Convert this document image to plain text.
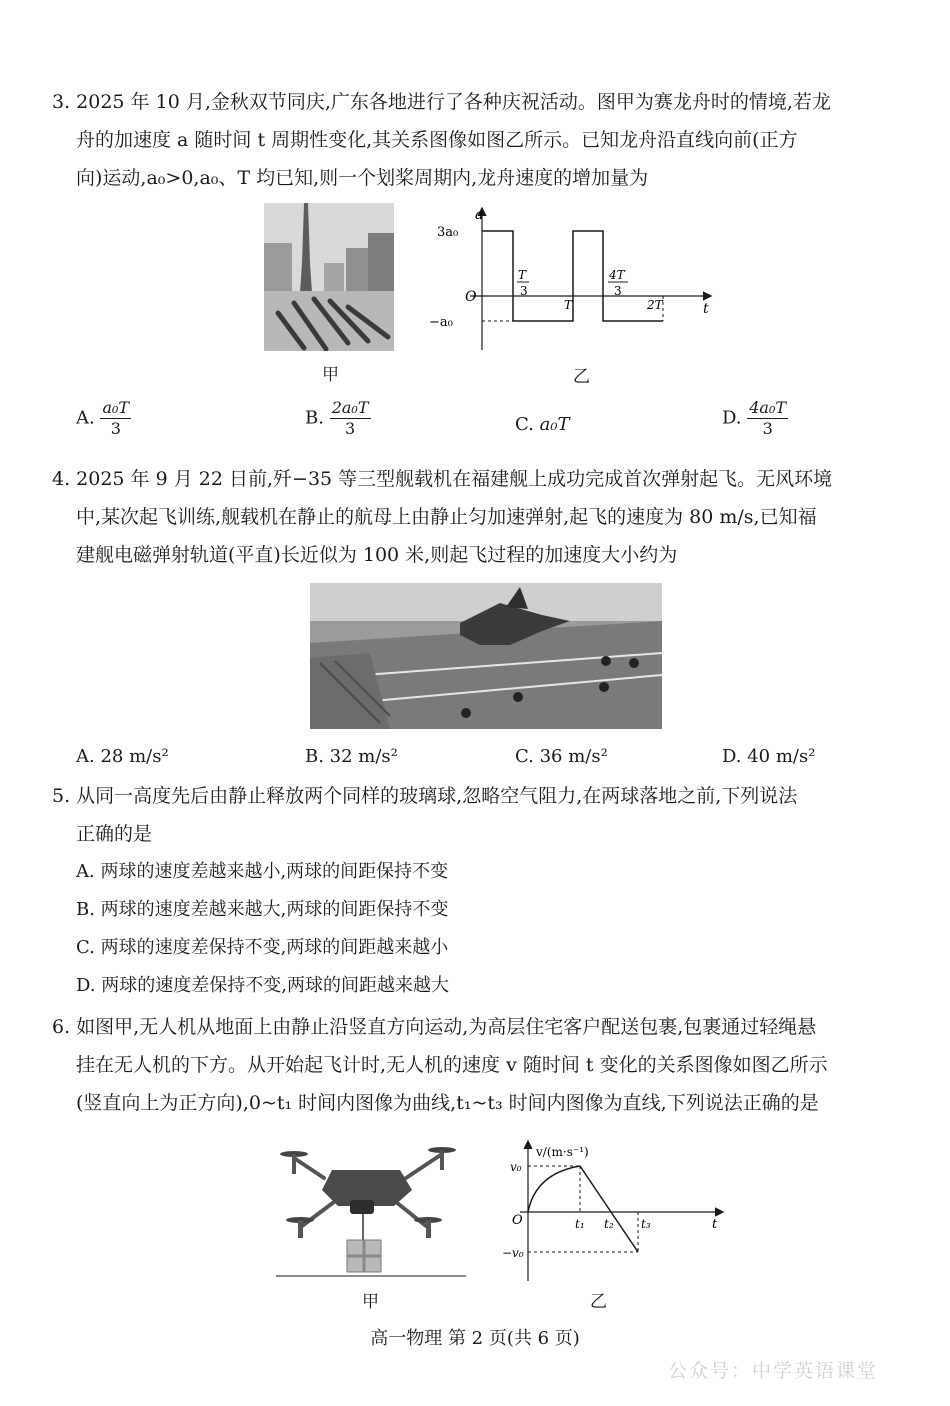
3. 2025 年 10 月,金秋双节同庆,广东各地进行了各种庆祝活动。图甲为赛龙舟时的情境,若龙
舟的加速度 a 随时间 t 周期性变化,其关系图像如图乙所示。已知龙舟沿直线向前(正方
向)运动,a₀>0,a₀、T 均已知,则一个划桨周期内,龙舟速度的增加量为
甲
a
t
O
3a₀
−a₀
T
3
T
4T
3
2T
乙
A. $\frac{\text{a₀T}}{3}$	B. $\frac{\text{2a₀T}}{3}$	C. a₀T	D. $\frac{\text{4a₀T}}{3}$
4. 2025 年 9 月 22 日前,歼−35 等三型舰载机在福建舰上成功完成首次弹射起飞。无风环境
中,某次起飞训练,舰载机在静止的航母上由静止匀加速弹射,起飞的速度为 80 m/s,已知福
建舰电磁弹射轨道(平直)长近似为 100 米,则起飞过程的加速度大小约为
A. 28 m/s²	B. 32 m/s²	C. 36 m/s²	D. 40 m/s²
5. 从同一高度先后由静止释放两个同样的玻璃球,忽略空气阻力,在两球落地之前,下列说法
正确的是
A. 两球的速度差越来越小,两球的间距保持不变
B. 两球的速度差越来越大,两球的间距保持不变
C. 两球的速度差保持不变,两球的间距越来越小
D. 两球的速度差保持不变,两球的间距越来越大
6. 如图甲,无人机从地面上由静止沿竖直方向运动,为高层住宅客户配送包裹,包裹通过轻绳悬
挂在无人机的下方。从开始起飞计时,无人机的速度 v 随时间 t 变化的关系图像如图乙所示
(竖直向上为正方向),0~t₁ 时间内图像为曲线,t₁~t₃ 时间内图像为直线,下列说法正确的是
甲
v/(m·s⁻¹)
t
O
v₀
−v₀
t₁ t₂ t₃
乙
高一物理 第 2 页(共 6 页)
公众号：中学英语课堂
